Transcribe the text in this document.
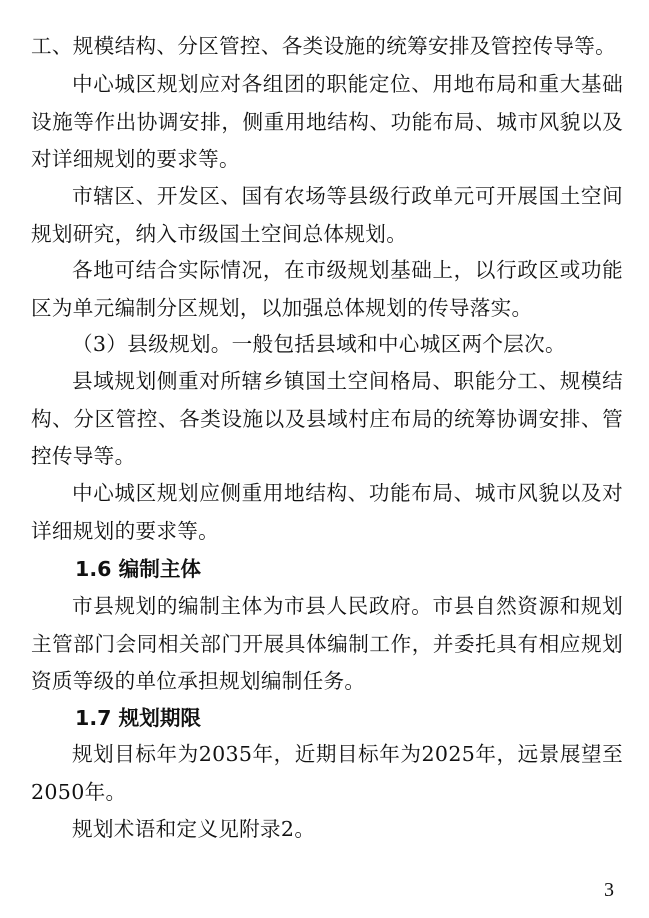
工、规模结构、分区管控、各类设施的统筹安排及管控传导等。

中心城区规划应对各组团的职能定位、用地布局和重大基础设施等作出协调安排，侧重用地结构、功能布局、城市风貌以及对详细规划的要求等。

市辖区、开发区、国有农场等县级行政单元可开展国土空间规划研究，纳入市级国土空间总体规划。

各地可结合实际情况，在市级规划基础上，以行政区或功能区为单元编制分区规划，以加强总体规划的传导落实。

（3）县级规划。一般包括县域和中心城区两个层次。

县域规划侧重对所辖乡镇国土空间格局、职能分工、规模结构、分区管控、各类设施以及县域村庄布局的统筹协调安排、管控传导等。

中心城区规划应侧重用地结构、功能布局、城市风貌以及对详细规划的要求等。

1.6 编制主体

市县规划的编制主体为市县人民政府。市县自然资源和规划主管部门会同相关部门开展具体编制工作，并委托具有相应规划资质等级的单位承担规划编制任务。

1.7 规划期限

规划目标年为2035年，近期目标年为2025年，远景展望至2050年。

规划术语和定义见附录2。

3
